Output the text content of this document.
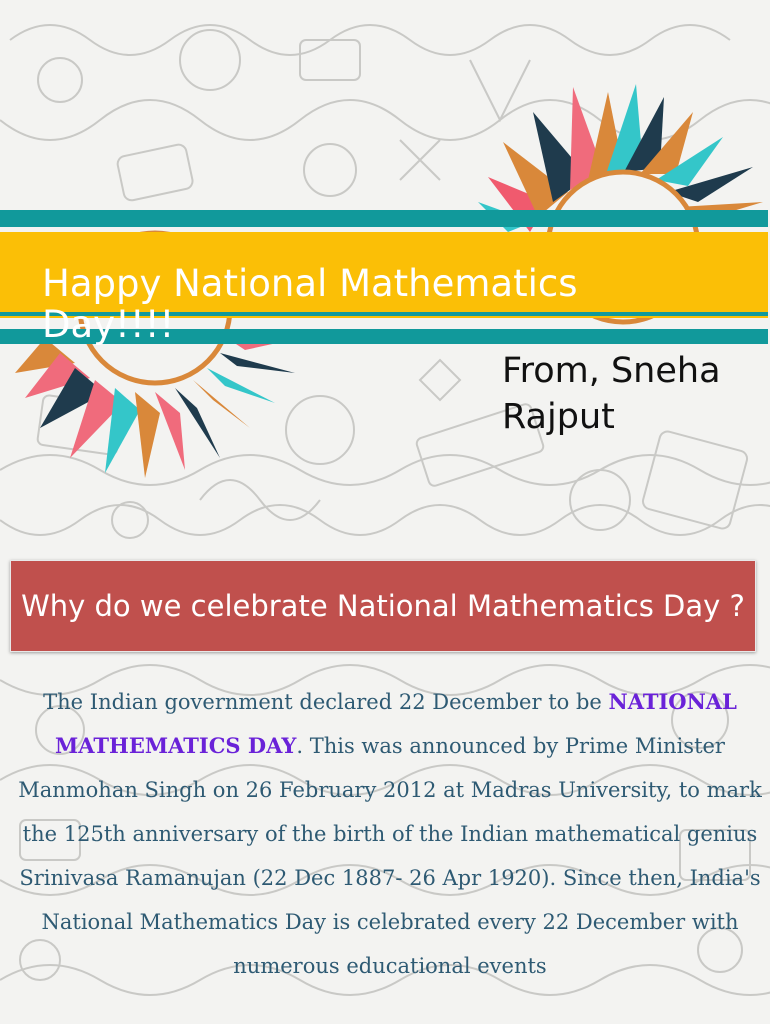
Happy National Mathematics
Day!!!!
From, Sneha
Rajput
Why do we celebrate National Mathematics Day ?
The Indian government declared 22 December to be NATIONAL MATHEMATICS DAY. This was announced by Prime Minister Manmohan Singh on 26 February 2012 at Madras University, to mark the 125th anniversary of the birth of the Indian mathematical genius Srinivasa Ramanujan (22 Dec 1887- 26 Apr 1920). Since then, India's National Mathematics Day is celebrated every 22 December with numerous educational events
